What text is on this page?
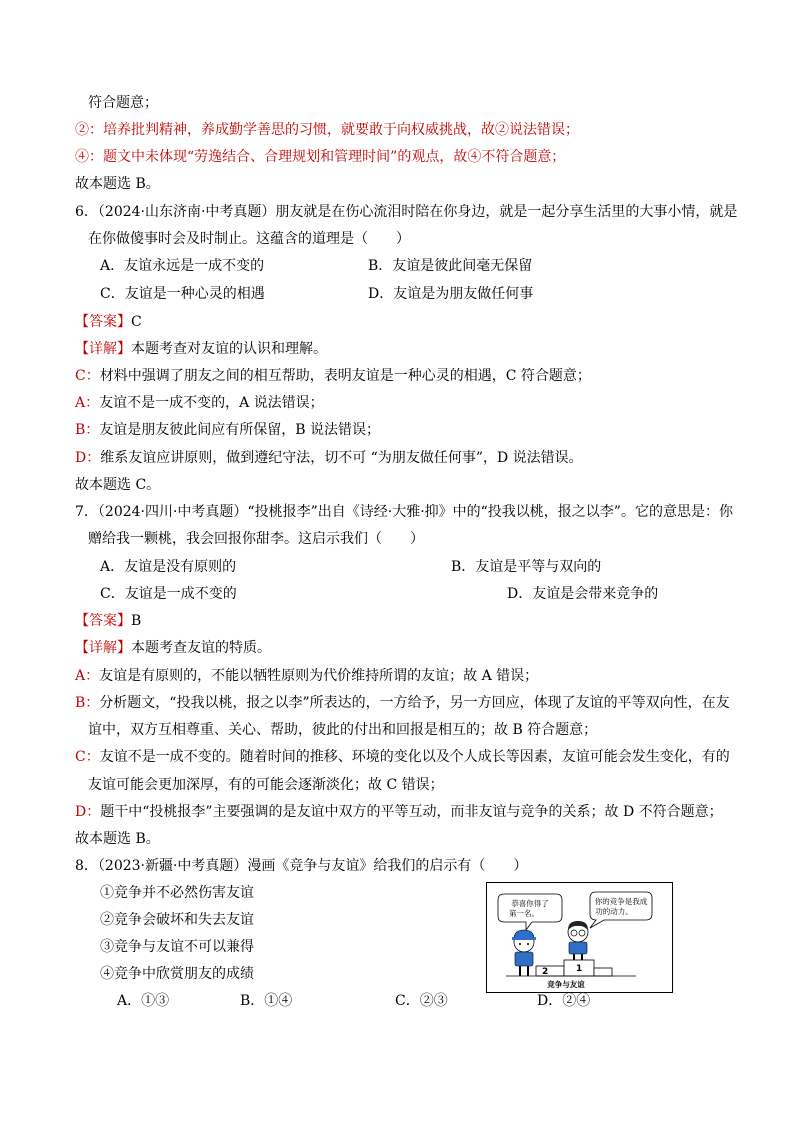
符合题意；
②：培养批判精神，养成勤学善思的习惯，就要敢于向权威挑战，故②说法错误；
④：题文中未体现“劳逸结合、合理规划和管理时间”的观点，故④不符合题意；
故本题选 B。
6．（2024·山东济南·中考真题）朋友就是在伤心流泪时陪在你身边，就是一起分享生活里的大事小情，就是
在你做傻事时会及时制止。这蕴含的道理是（　　）
A．友谊永远是一成不变的	B．友谊是彼此间毫无保留
C．友谊是一种心灵的相遇	D．友谊是为朋友做任何事
【答案】C
【详解】本题考查对友谊的认识和理解。
C：材料中强调了朋友之间的相互帮助，表明友谊是一种心灵的相遇，C 符合题意；
A：友谊不是一成不变的，A 说法错误；
B：友谊是朋友彼此间应有所保留，B 说法错误；
D：维系友谊应讲原则，做到遵纪守法，切不可 “为朋友做任何事”，D 说法错误。
故本题选 C。
7．（2024·四川·中考真题）“投桃报李”出自《诗经·大雅·抑》中的“投我以桃，报之以李”。它的意思是：你
赠给我一颗桃，我会回报你甜李。这启示我们（　　）
A．友谊是没有原则的	B．友谊是平等与双向的
C．友谊是一成不变的	D．友谊是会带来竞争的
【答案】B
【详解】本题考查友谊的特质。
A：友谊是有原则的，不能以牺牲原则为代价维持所谓的友谊；故 A 错误；
B：分析题文，“投我以桃，报之以李”所表达的，一方给予，另一方回应，体现了友谊的平等双向性，在友
谊中，双方互相尊重、关心、帮助，彼此的付出和回报是相互的；故 B 符合题意；
C：友谊不是一成不变的。随着时间的推移、环境的变化以及个人成长等因素，友谊可能会发生变化，有的
友谊可能会更加深厚，有的可能会逐渐淡化；故 C 错误；
D：题干中“投桃报李”主要强调的是友谊中双方的平等互动，而非友谊与竞争的关系；故 D 不符合题意；
故本题选 B。
8．（2023·新疆·中考真题）漫画《竞争与友谊》给我们的启示有（　　）
①竞争并不必然伤害友谊
②竞争会破坏和失去友谊
③竞争与友谊不可以兼得
④竞争中欣赏朋友的成绩
A．①③	B．①④	C．②③	D．②④
恭喜你得了
第一名。
你的竞争是我成
功的动力。
2	1
竞争与友谊
